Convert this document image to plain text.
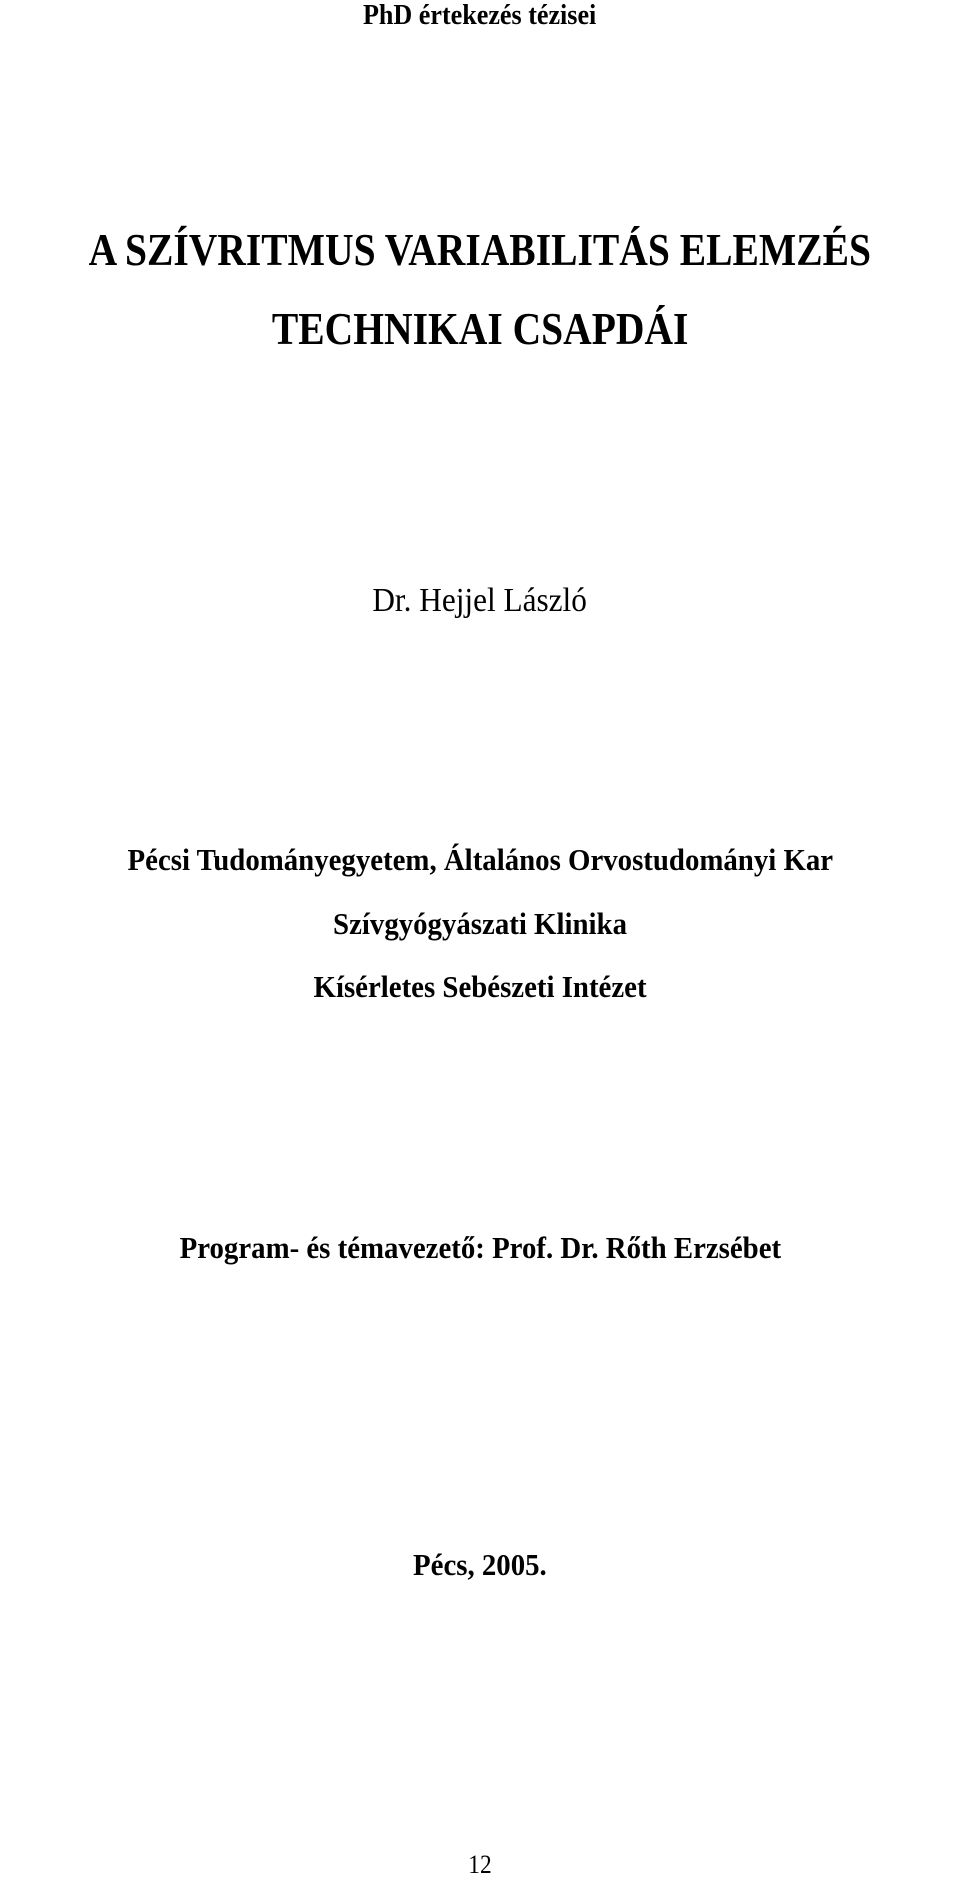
PhD értekezés tézisei
A SZÍVRITMUS VARIABILITÁS ELEMZÉS
TECHNIKAI CSAPDÁI
Dr. Hejjel László
Pécsi Tudományegyetem, Általános Orvostudományi Kar
Szívgyógyászati Klinika
Kísérletes Sebészeti Intézet
Program- és témavezető: Prof. Dr. Rőth Erzsébet
Pécs, 2005.
12
